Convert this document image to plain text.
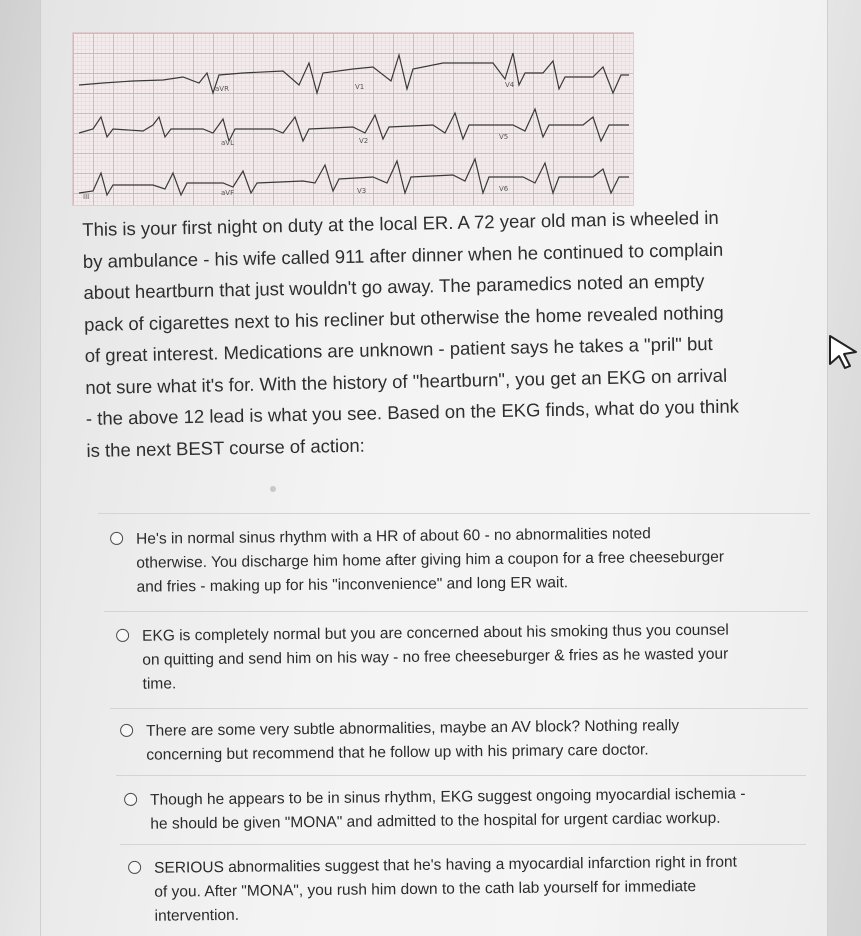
aVR	V1	V4
aVL	V2	V5
aVF	V3	V6
III
This is your first night on duty at the local ER. A 72 year old man is wheeled in
by ambulance - his wife called 911 after dinner when he continued to complain
about heartburn that just wouldn't go away. The paramedics noted an empty
pack of cigarettes next to his recliner but otherwise the home revealed nothing
of great interest. Medications are unknown - patient says he takes a "pril" but
not sure what it's for. With the history of "heartburn", you get an EKG on arrival
- the above 12 lead is what you see. Based on the EKG finds, what do you think
is the next BEST course of action:
He's in normal sinus rhythm with a HR of about 60 - no abnormalities noted
otherwise. You discharge him home after giving him a coupon for a free cheeseburger
and fries - making up for his "inconvenience" and long ER wait.
EKG is completely normal but you are concerned about his smoking thus you counsel
on quitting and send him on his way - no free cheeseburger & fries as he wasted your
time.
There are some very subtle abnormalities, maybe an AV block? Nothing really
concerning but recommend that he follow up with his primary care doctor.
Though he appears to be in sinus rhythm, EKG suggest ongoing myocardial ischemia -
he should be given "MONA" and admitted to the hospital for urgent cardiac workup.
SERIOUS abnormalities suggest that he's having a myocardial infarction right in front
of you. After "MONA", you rush him down to the cath lab yourself for immediate
intervention.
